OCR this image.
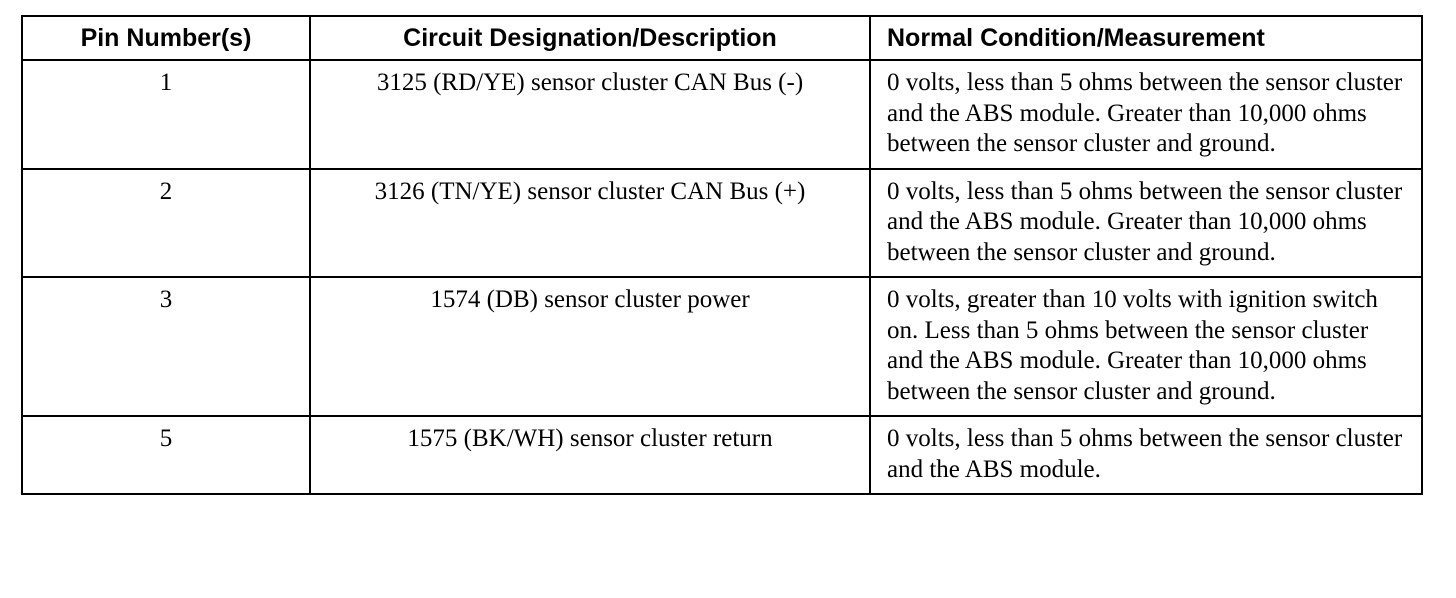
Pin Number(s)	Circuit Designation/Description	Normal Condition/Measurement
1	3125 (RD/YE) sensor cluster CAN Bus (-)	0 volts, less than 5 ohms between the sensor cluster and the ABS module. Greater than 10,000 ohms between the sensor cluster and ground.
2	3126 (TN/YE) sensor cluster CAN Bus (+)	0 volts, less than 5 ohms between the sensor cluster and the ABS module. Greater than 10,000 ohms between the sensor cluster and ground.
3	1574 (DB) sensor cluster power	0 volts, greater than 10 volts with ignition switch on. Less than 5 ohms between the sensor cluster and the ABS module. Greater than 10,000 ohms between the sensor cluster and ground.
5	1575 (BK/WH) sensor cluster return	0 volts, less than 5 ohms between the sensor cluster and the ABS module.
